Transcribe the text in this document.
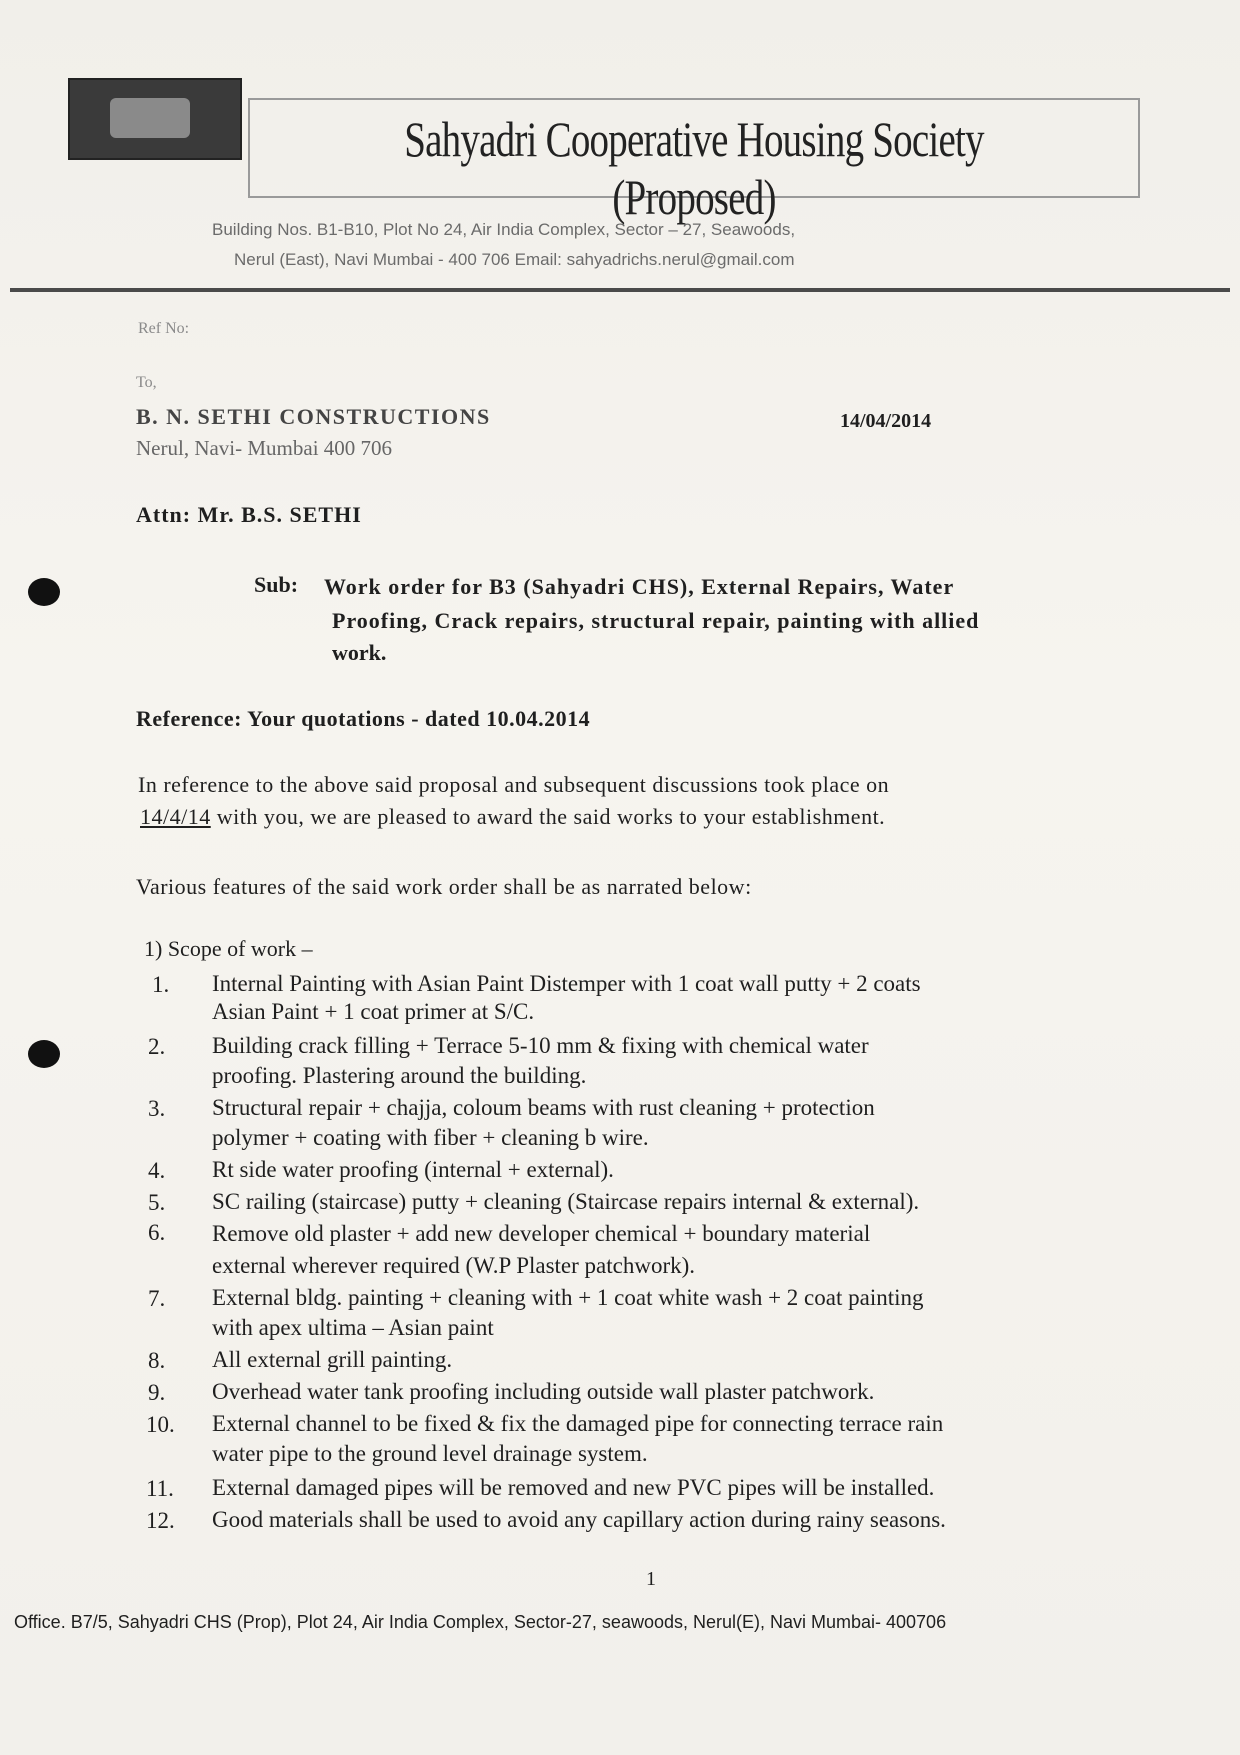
Sahyadri Cooperative Housing Society (Proposed)
Building Nos. B1-B10, Plot No 24, Air India Complex, Sector – 27, Seawoods,
Nerul (East), Navi Mumbai - 400 706 Email: sahyadrichs.nerul@gmail.com
Ref No:
To,
B. N. SETHI CONSTRUCTIONS
Nerul, Navi- Mumbai 400 706
14/04/2014
Attn: Mr. B.S. SETHI
Sub: Work order for B3 (Sahyadri CHS), External Repairs, Water
Proofing, Crack repairs, structural repair, painting with allied
work.
Reference: Your quotations - dated 10.04.2014
In reference to the above said proposal and subsequent discussions took place on
14/4/14 with you, we are pleased to award the said works to your establishment.
Various features of the said work order shall be as narrated below:
1) Scope of work –
1. Internal Painting with Asian Paint Distemper with 1 coat wall putty + 2 coats
Asian Paint + 1 coat primer at S/C.
2. Building crack filling + Terrace 5-10 mm & fixing with chemical water
proofing. Plastering around the building.
3. Structural repair + chajja, coloum beams with rust cleaning + protection
polymer + coating with fiber + cleaning b wire.
4. Rt side water proofing (internal + external).
5. SC railing (staircase) putty + cleaning (Staircase repairs internal & external).
6. Remove old plaster + add new developer chemical + boundary material
external wherever required (W.P Plaster patchwork).
7. External bldg. painting + cleaning with + 1 coat white wash + 2 coat painting
with apex ultima – Asian paint
8. All external grill painting.
9. Overhead water tank proofing including outside wall plaster patchwork.
10. External channel to be fixed & fix the damaged pipe for connecting terrace rain
water pipe to the ground level drainage system.
11. External damaged pipes will be removed and new PVC pipes will be installed.
12. Good materials shall be used to avoid any capillary action during rainy seasons.
1
Office. B7/5, Sahyadri CHS (Prop), Plot 24, Air India Complex, Sector-27, seawoods, Nerul(E), Navi Mumbai- 400706
